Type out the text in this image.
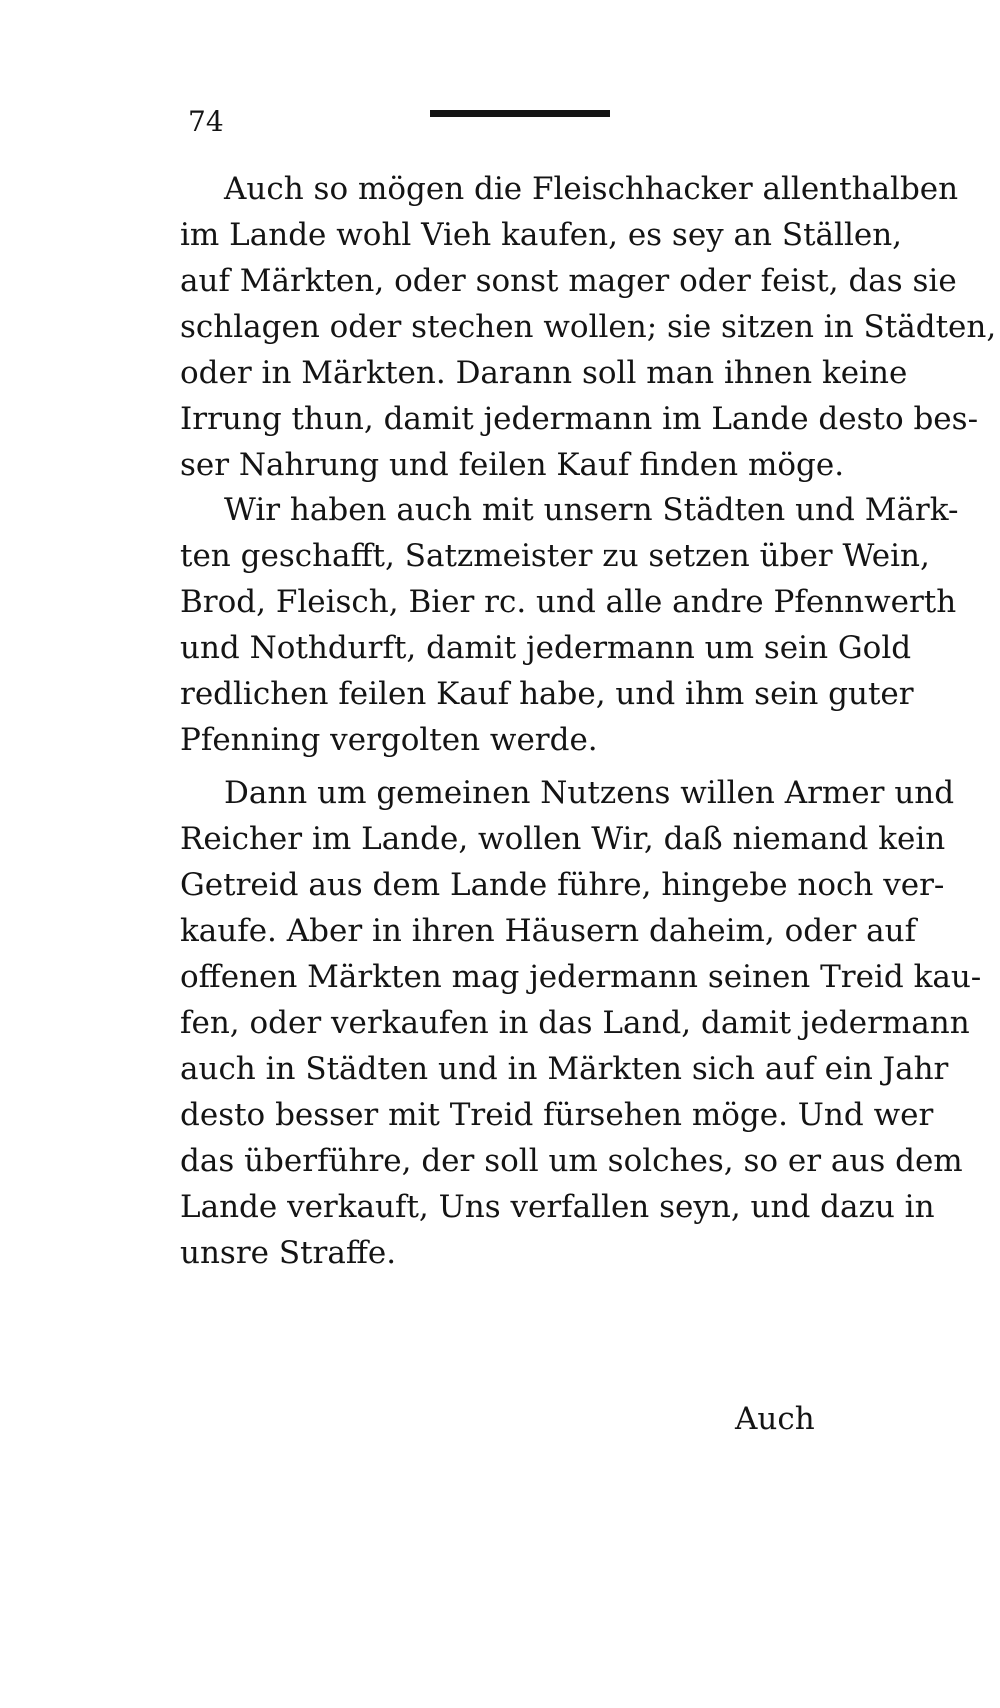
74
Auch so mögen die Fleischhacker allenthalben
im Lande wohl Vieh kaufen, es sey an Ställen,
auf Märkten, oder sonst mager oder feist, das sie
schlagen oder stechen wollen; sie sitzen in Städten,
oder in Märkten. Darann soll man ihnen keine
Irrung thun, damit jedermann im Lande desto bes-
ser Nahrung und feilen Kauf finden möge.
Wir haben auch mit unsern Städten und Märk-
ten geschafft, Satzmeister zu setzen über Wein,
Brod, Fleisch, Bier rc. und alle andre Pfennwerth
und Nothdurft, damit jedermann um sein Gold
redlichen feilen Kauf habe, und ihm sein guter
Pfenning vergolten werde.
Dann um gemeinen Nutzens willen Armer und
Reicher im Lande, wollen Wir, daß niemand kein
Getreid aus dem Lande führe, hingebe noch ver-
kaufe. Aber in ihren Häusern daheim, oder auf
offenen Märkten mag jedermann seinen Treid kau-
fen, oder verkaufen in das Land, damit jedermann
auch in Städten und in Märkten sich auf ein Jahr
desto besser mit Treid fürsehen möge. Und wer
das überführe, der soll um solches, so er aus dem
Lande verkauft, Uns verfallen seyn, und dazu in
unsre Straffe.
Auch
